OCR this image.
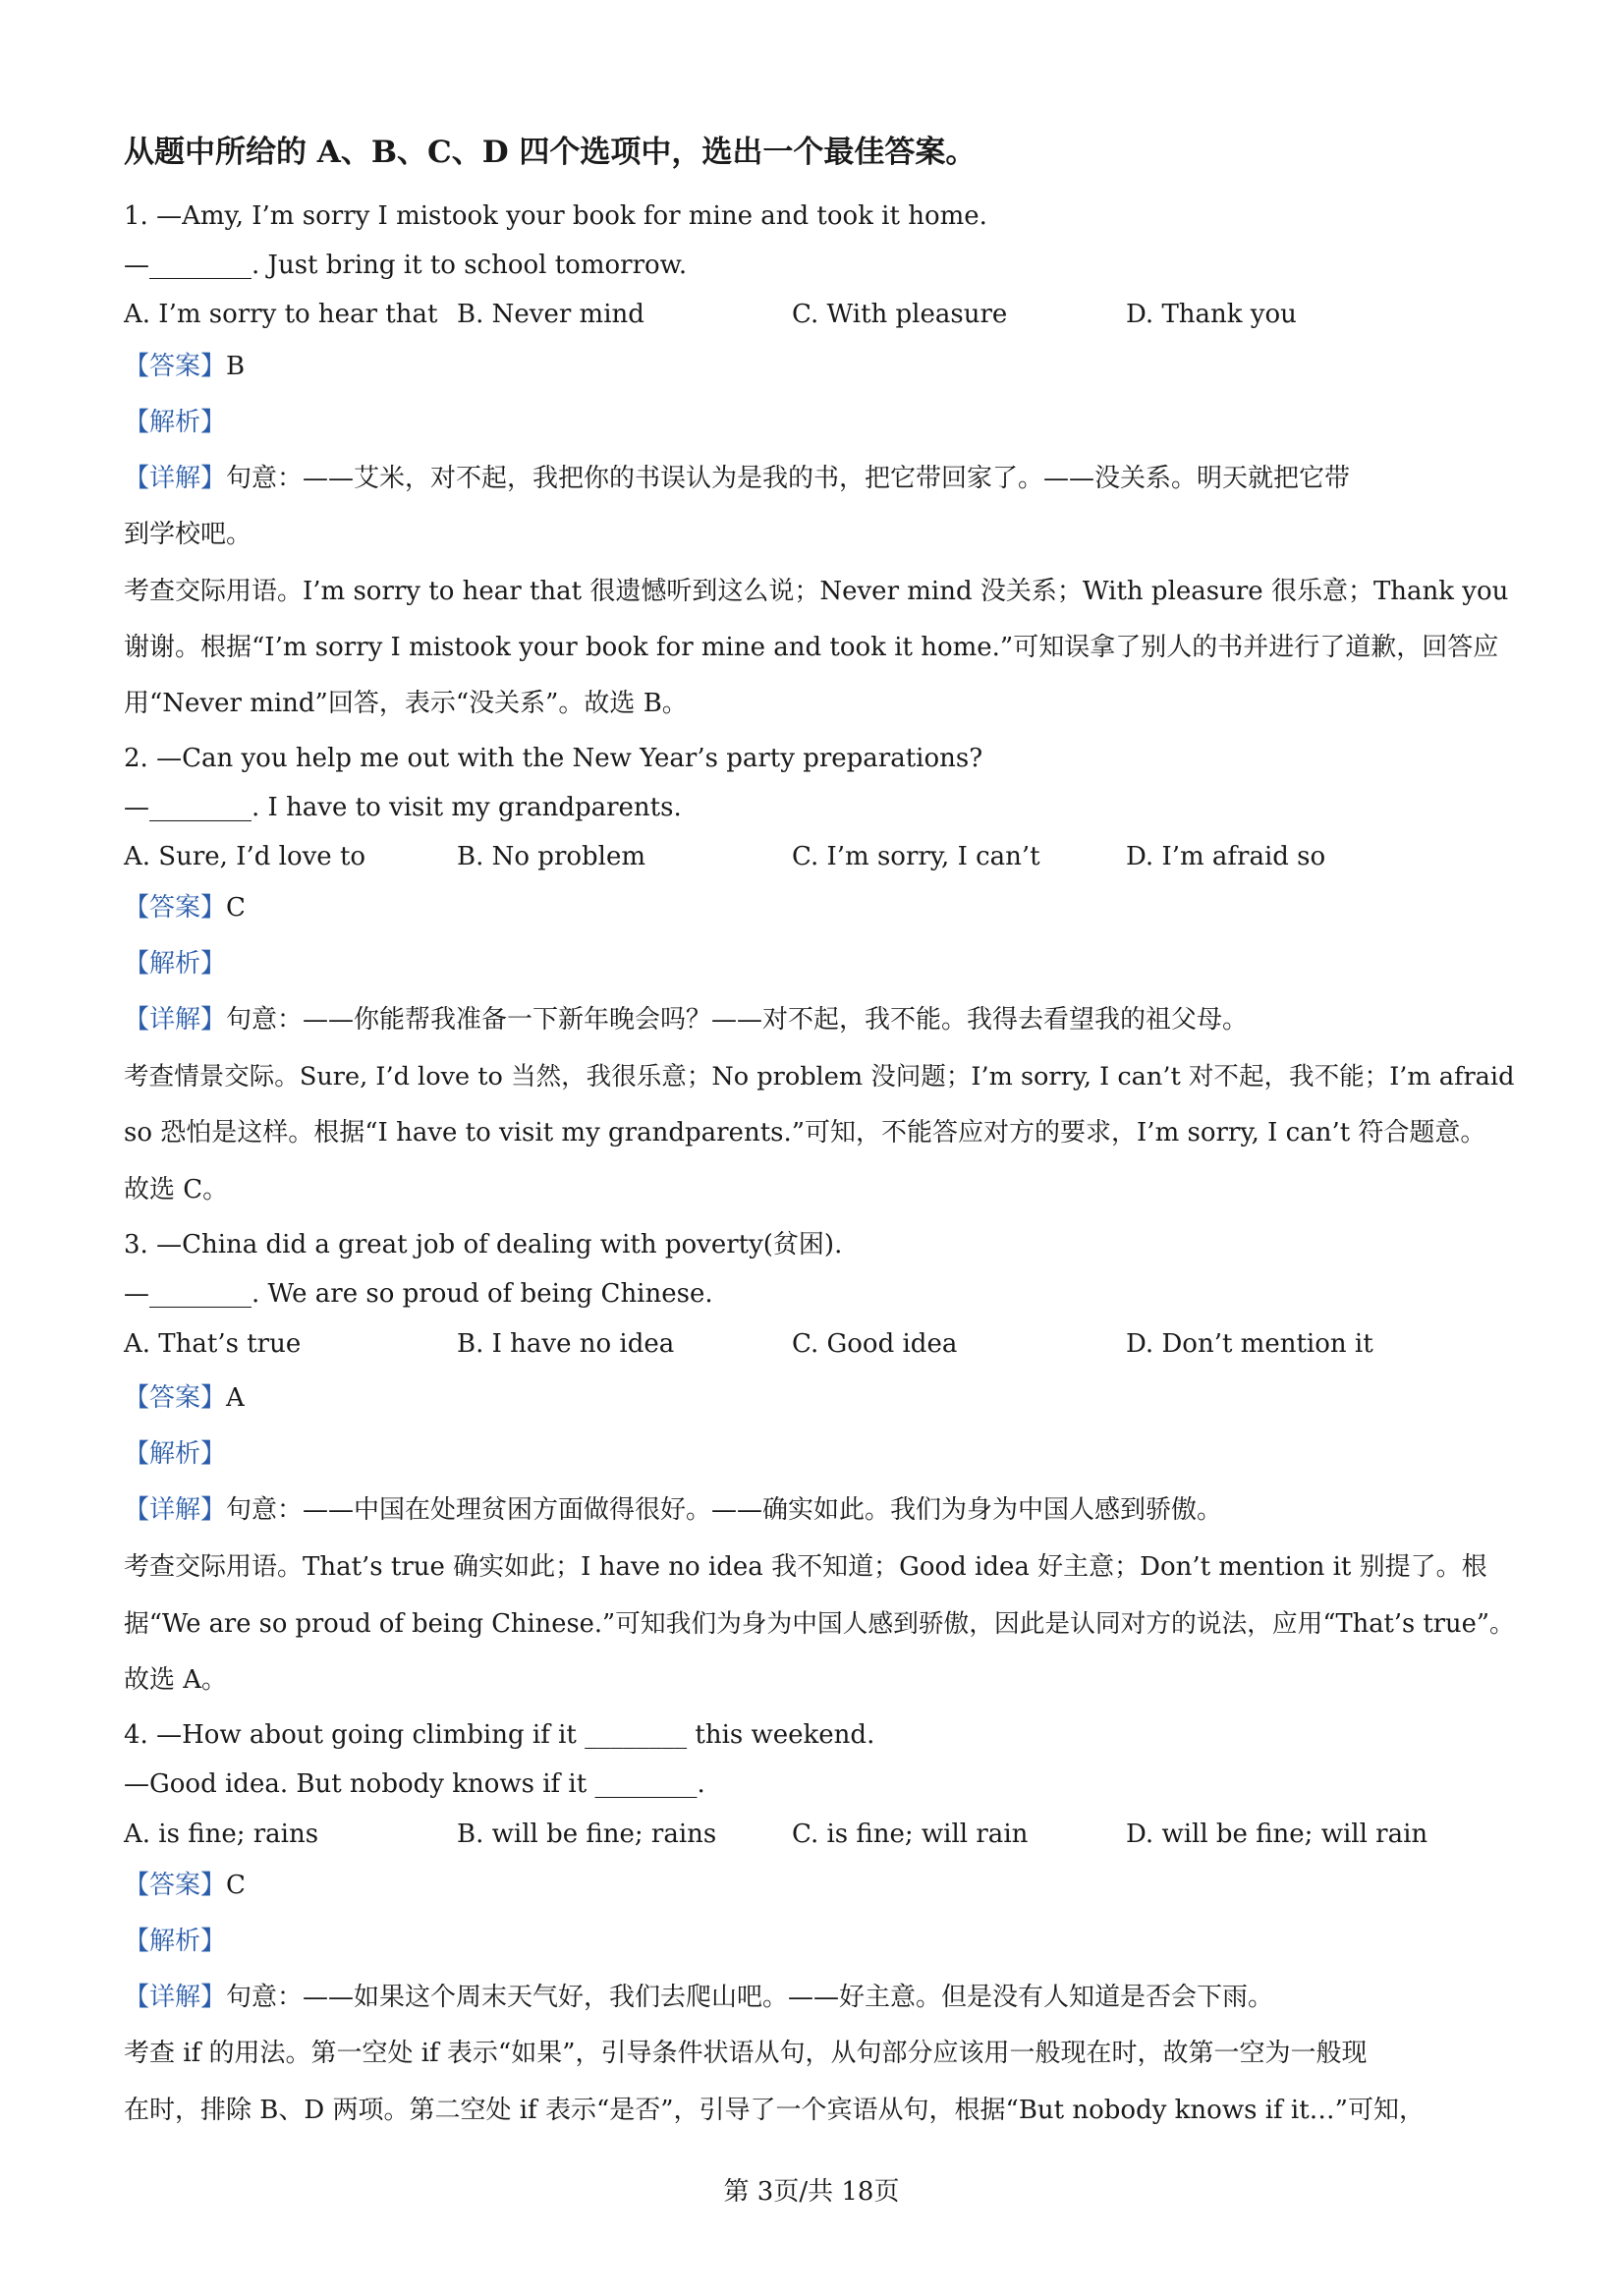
从题中所给的 A、B、C、D 四个选项中，选出一个最佳答案。
1. —Amy, I’m sorry I mistook your book for mine and took it home.
—________. Just bring it to school tomorrow.
A. I’m sorry to hear that B. Never mind	C. With pleasure	D. Thank you
【答案】B
【解析】
【详解】句意：——艾米，对不起，我把你的书误认为是我的书，把它带回家了。——没关系。明天就把它带
到学校吧。
考查交际用语。I’m sorry to hear that 很遗憾听到这么说；Never mind 没关系；With pleasure 很乐意；Thank you
谢谢。根据“I’m sorry I mistook your book for mine and took it home.”可知误拿了别人的书并进行了道歉，回答应
用“Never mind”回答，表示“没关系”。故选 B。
2. —Can you help me out with the New Year’s party preparations?
—________. I have to visit my grandparents.
A. Sure, I’d love to	B. No problem	C. I’m sorry, I can’t	D. I’m afraid so
【答案】C
【解析】
【详解】句意：——你能帮我准备一下新年晚会吗？——对不起，我不能。我得去看望我的祖父母。
考查情景交际。Sure, I’d love to 当然，我很乐意；No problem 没问题；I’m sorry, I can’t 对不起，我不能；I’m afraid
so 恐怕是这样。根据“I have to visit my grandparents.”可知，不能答应对方的要求，I’m sorry, I can’t 符合题意。
故选 C。
3. —China did a great job of dealing with poverty(贫困).
—________. We are so proud of being Chinese.
A. That’s true	B. I have no idea	C. Good idea	D. Don’t mention it
【答案】A
【解析】
【详解】句意：——中国在处理贫困方面做得很好。——确实如此。我们为身为中国人感到骄傲。
考查交际用语。That’s true 确实如此；I have no idea 我不知道；Good idea 好主意；Don’t mention it 别提了。根
据“We are so proud of being Chinese.”可知我们为身为中国人感到骄傲，因此是认同对方的说法，应用“That’s true”。
故选 A。
4. —How about going climbing if it ________ this weekend.
—Good idea. But nobody knows if it ________.
A. is fine; rains	B. will be fine; rains	C. is fine; will rain	D. will be fine; will rain
【答案】C
【解析】
【详解】句意：——如果这个周末天气好，我们去爬山吧。——好主意。但是没有人知道是否会下雨。
考查 if 的用法。第一空处 if 表示“如果”，引导条件状语从句，从句部分应该用一般现在时，故第一空为一般现
在时，排除 B、D 两项。第二空处 if 表示“是否”，引导了一个宾语从句，根据“But nobody knows if it…”可知，
第 3页/共 18页
